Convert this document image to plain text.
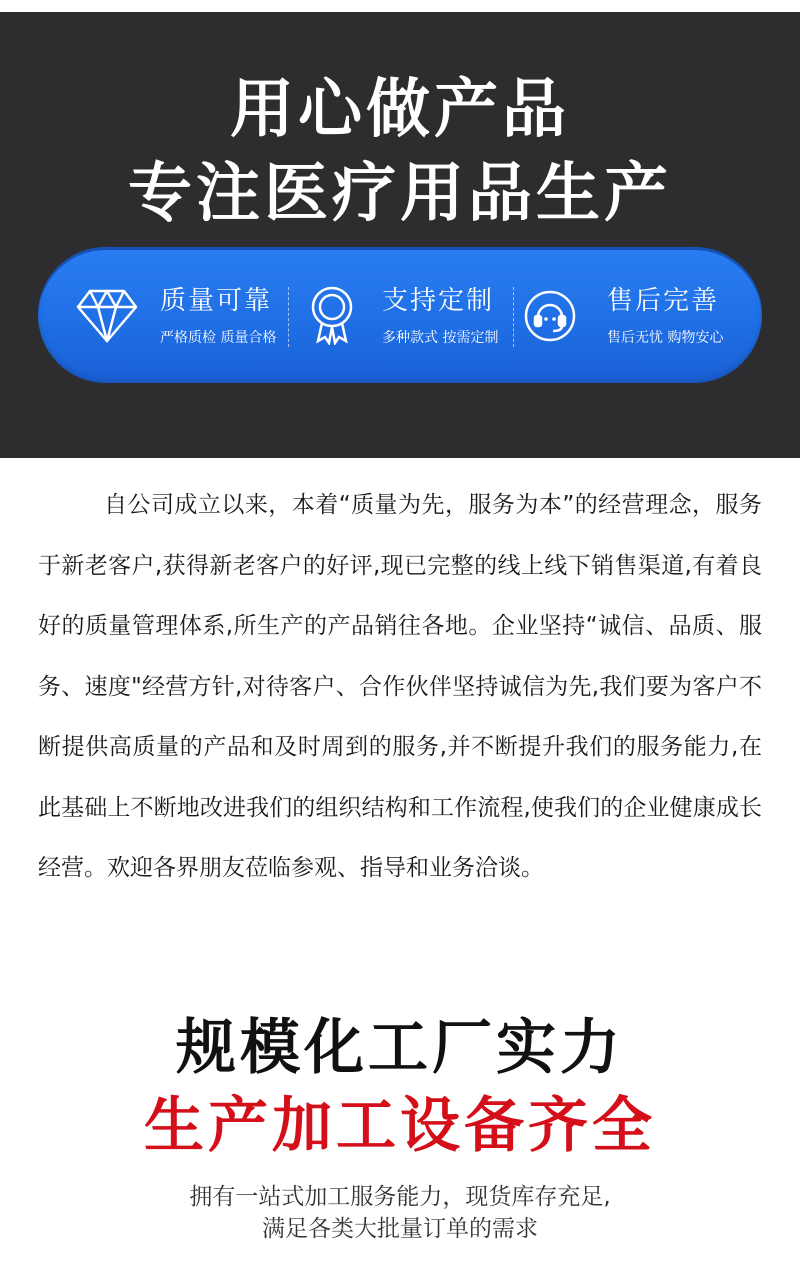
用心做产品
专注医疗用品生产
质量可靠
严格质检 质量合格
支持定制
多种款式 按需定制
售后完善
售后无忧 购物安心

自公司成立以来，本着“质量为先，服务为本”的经营理念，服务于新老客户,获得新老客户的好评,现已完整的线上线下销售渠道,有着良好的质量管理体系,所生产的产品销往各地。企业坚持“诚信、品质、服务、速度"经营方针,对待客户、合作伙伴坚持诚信为先,我们要为客户不断提供高质量的产品和及时周到的服务,并不断提升我们的服务能力,在此基础上不断地改进我们的组织结构和工作流程,使我们的企业健康成长经营。欢迎各界朋友莅临参观、指导和业务洽谈。

规模化工厂实力
生产加工设备齐全
拥有一站式加工服务能力，现货库存充足,
满足各类大批量订单的需求
